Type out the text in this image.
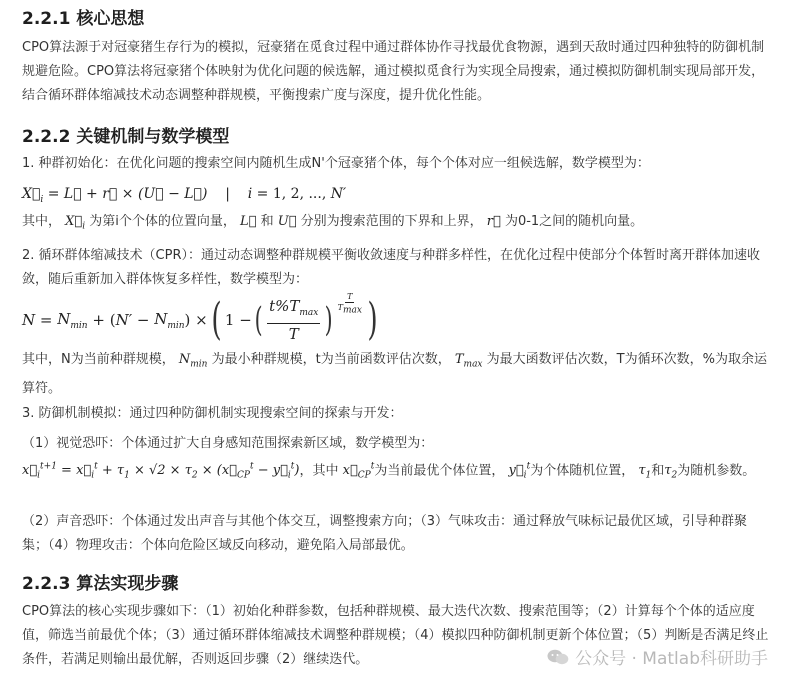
2.2.1 核心思想

CPO算法源于对冠豪猪生存行为的模拟，冠豪猪在觅食过程中通过群体协作寻找最优食物源，遇到天敌时通过四种独特的防御机制规避危险。CPO算法将冠豪猪个体映射为优化问题的候选解，通过模拟觅食行为实现全局搜索，通过模拟防御机制实现局部开发，结合循环群体缩减技术动态调整种群规模，平衡搜索广度与深度，提升优化性能。

2.2.2 关键机制与数学模型

1. 种群初始化：在优化问题的搜索空间内随机生成N'个冠豪猪个体，每个个体对应一组候选解，数学模型为：

$X⃗_i$ = L⃗ + r⃗ × (U⃗ − L⃗)    |    i = 1, 2, ..., N′

其中， $X⃗_i$ 为第i个个体的位置向量， L⃗ 和 U⃗ 分别为搜索范围的下界和上界， r⃗ 为0-1之间的随机向量。

2. 循环群体缩减技术（CPR）：通过动态调整种群规模平衡收敛速度与种群多样性，在优化过程中使部分个体暂时离开群体加速收敛，随后重新加入群体恢复多样性，数学模型为：

$N = N_{min}$ + ( $N' - N_{min}$ ) × ( 1 − ( $\frac{t\%T_{max}}{T}$ ) $\frac{T}{T_{max}}$ )

其中，N为当前种群规模， $N_{min}$ 为最小种群规模，t为当前函数评估次数， $T_{max}$ 为最大函数评估次数，T为循环次数，%为取余运算符。

3. 防御机制模拟：通过四种防御机制实现搜索空间的探索与开发：

（1）视觉恐吓：个体通过扩大自身感知范围探索新区域，数学模型为：

$x⃗_i^{t+1}$ = $x⃗_i^t + \tau_1 \times √2 \times \tau_2$ × ($x⃗_{CP}^t$ − $y⃗_i^t$)，其中 $x⃗_{CP}^t$为当前最优个体位置， $y⃗_i^t$为个体随机位置， $\tau_1$和$\tau_2$为随机参数。

（2）声音恐吓：个体通过发出声音与其他个体交互，调整搜索方向；（3）气味攻击：通过释放气味标记最优区域，引导种群聚集；（4）物理攻击：个体向危险区域反向移动，避免陷入局部最优。

2.2.3 算法实现步骤

CPO算法的核心实现步骤如下：（1）初始化种群参数，包括种群规模、最大迭代次数、搜索范围等；（2）计算每个个体的适应度值，筛选当前最优个体；（3）通过循环群体缩减技术调整种群规模；（4）模拟四种防御机制更新个体位置；（5）判断是否满足终止条件，若满足则输出最优解，否则返回步骤（2）继续迭代。	公众号 · Matlab科研助手
